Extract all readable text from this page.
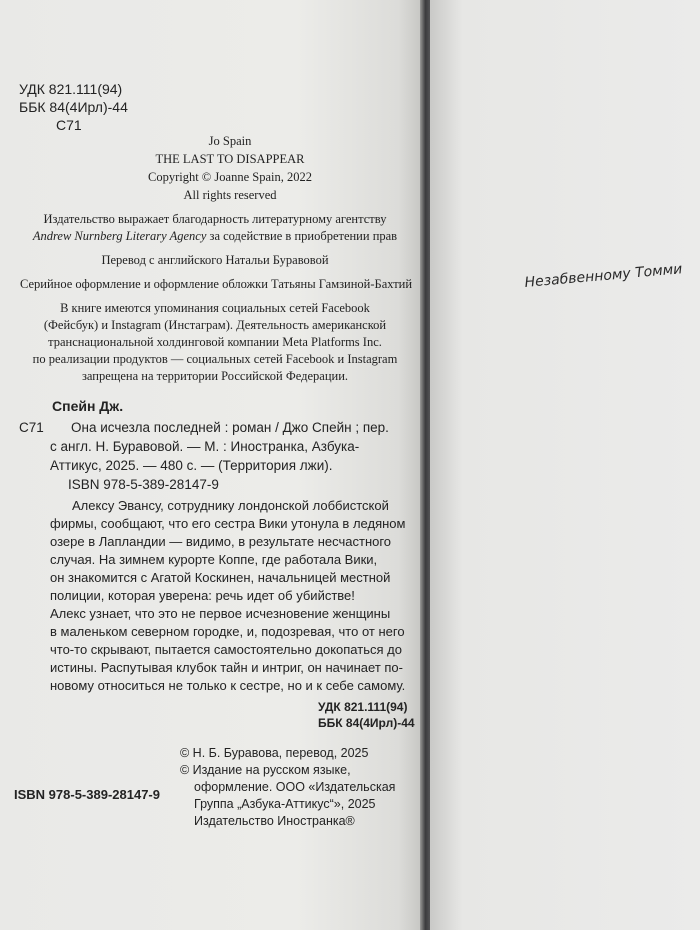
УДК 821.111(94)
ББК 84(4Ирл)-44
С71
Jo Spain
THE LAST TO DISAPPEAR
Copyright © Joanne Spain, 2022
All rights reserved
Издательство выражает благодарность литературному агентству
Andrew Nurnberg Literary Agency за содействие в приобретении прав
Перевод с английского Натальи Буравовой
Серийное оформление и оформление обложки Татьяны Гамзиной-Бахтий
В книге имеются упоминания социальных сетей Facebook
(Фейсбук) и Instagram (Инстаграм). Деятельность американской
транснациональной холдинговой компании Meta Platforms Inc.
по реализации продуктов — социальных сетей Facebook и Instagram
запрещена на территории Российской Федерации.
Спейн Дж.
С71 Она исчезла последней : роман / Джо Спейн ; пер.
с англ. Н. Буравовой. — М. : Иностранка, Азбука-
Аттикус, 2025. — 480 с. — (Территория лжи).
ISBN 978-5-389-28147-9
Алексу Эвансу, сотруднику лондонской лоббистской
фирмы, сообщают, что его сестра Вики утонула в ледяном
озере в Лапландии — видимо, в результате несчастного
случая. На зимнем курорте Коппе, где работала Вики,
он знакомится с Агатой Коскинен, начальницей местной
полиции, которая уверена: речь идет об убийстве!
Алекс узнает, что это не первое исчезновение женщины
в маленьком северном городке, и, подозревая, что от него
что-то скрывают, пытается самостоятельно докопаться до
истины. Распутывая клубок тайн и интриг, он начинает по-
новому относиться не только к сестре, но и к себе самому.
УДК 821.111(94)
ББК 84(4Ирл)-44
© Н. Б. Буравова, перевод, 2025
© Издание на русском языке,
оформление. ООО «Издательская
Группа „Азбука-Аттикус“», 2025
Издательство Иностранка®
ISBN 978-5-389-28147-9
Незабвенному Томми
